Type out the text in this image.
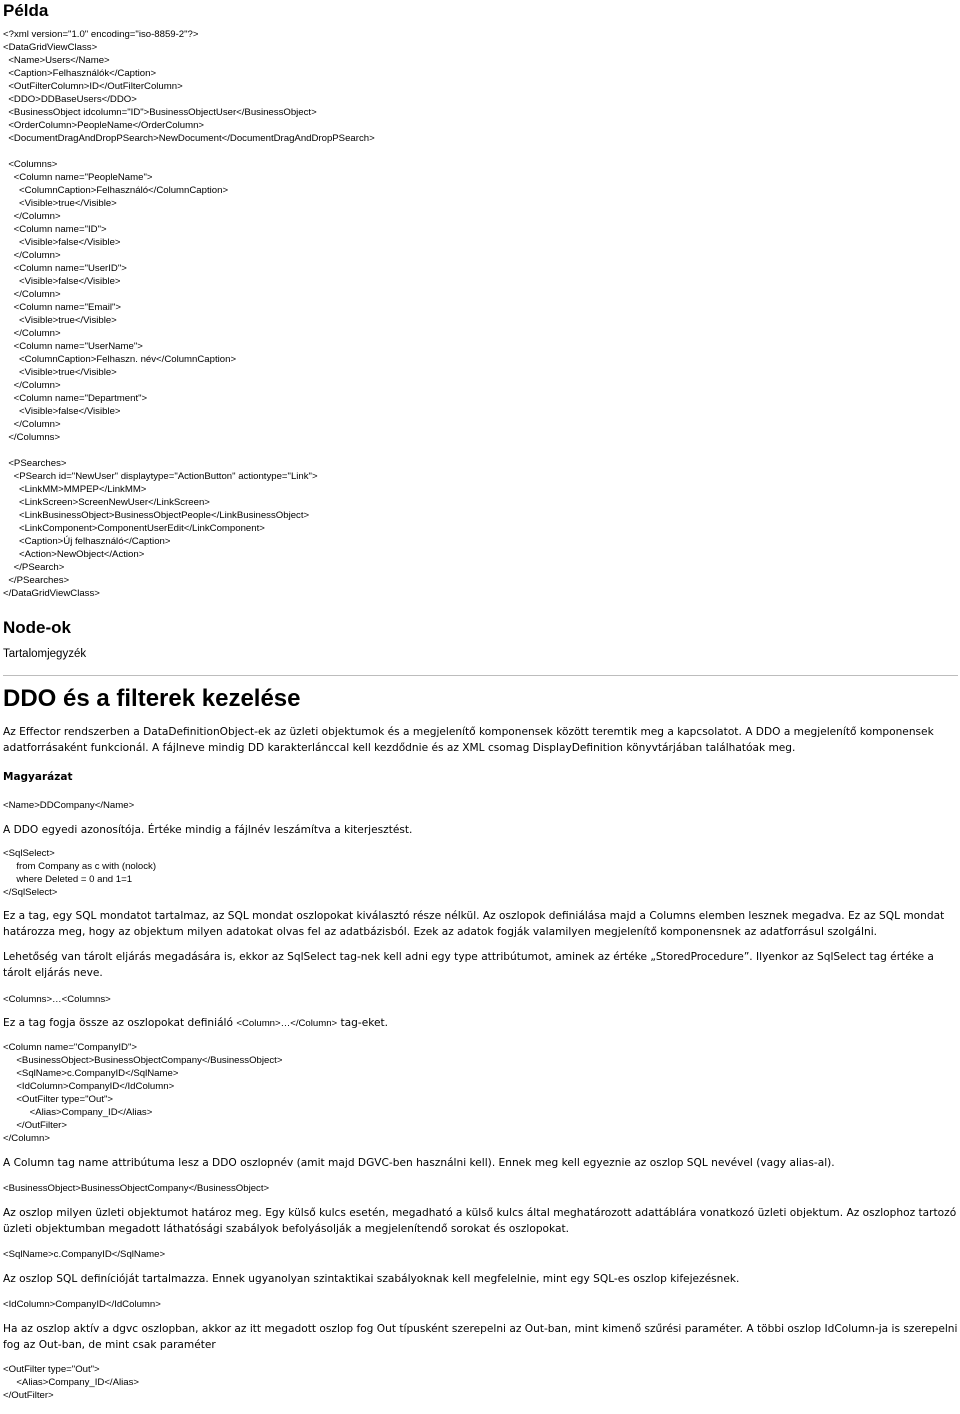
Példa
<?xml version="1.0" encoding="iso-8859-2"?>
<DataGridViewClass>
<Name>Users</Name>
<Caption>Felhasználók</Caption>
<OutFilterColumn>ID</OutFilterColumn>
<DDO>DDBaseUsers</DDO>
<BusinessObject idcolumn="ID">BusinessObjectUser</BusinessObject>
<OrderColumn>PeopleName</OrderColumn>
<DocumentDragAndDropPSearch>NewDocument</DocumentDragAndDropPSearch>

<Columns>
<Column name="PeopleName">
<ColumnCaption>Felhasználó</ColumnCaption>
<Visible>true</Visible>
</Column>
<Column name="ID">
<Visible>false</Visible>
</Column>
<Column name="UserID">
<Visible>false</Visible>
</Column>
<Column name="Email">
<Visible>true</Visible>
</Column>
<Column name="UserName">
<ColumnCaption>Felhaszn. név</ColumnCaption>
<Visible>true</Visible>
</Column>
<Column name="Department">
<Visible>false</Visible>
</Column>
</Columns>

<PSearches>
<PSearch id="NewUser" displaytype="ActionButton" actiontype="Link">
<LinkMM>MMPEP</LinkMM>
<LinkScreen>ScreenNewUser</LinkScreen>
<LinkBusinessObject>BusinessObjectPeople</LinkBusinessObject>
<LinkComponent>ComponentUserEdit</LinkComponent>
<Caption>Új felhasználó</Caption>
<Action>NewObject</Action>
</PSearch>
</PSearches>
</DataGridViewClass>
Node-ok
Tartalomjegyzék
DDO és a filterek kezelése

Az Effector rendszerben a DataDefinitionObject-ek az üzleti objektumok és a megjelenítő komponensek között teremtik meg a kapcsolatot. A DDO a megjelenítő komponensek adatforrásaként funkcionál. A fájlneve mindig DD karakterlánccal kell kezdődnie és az XML csomag DisplayDefinition könyvtárjában találhatóak meg.

Magyarázat

<Name>DDCompany</Name>

A DDO egyedi azonosítója. Értéke mindig a fájlnév leszámítva a kiterjesztést.

<SqlSelect>
from Company as c with (nolock)
where Deleted = 0 and 1=1
</SqlSelect>

Ez a tag, egy SQL mondatot tartalmaz, az SQL mondat oszlopokat kiválasztó része nélkül. Az oszlopok definiálása majd a Columns elemben lesznek megadva. Ez az SQL mondat határozza meg, hogy az objektum milyen adatokat olvas fel az adatbázisból. Ezek az adatok fogják valamilyen megjelenítő komponensnek az adatforrásul szolgálni.

Lehetőség van tárolt eljárás megadására is, ekkor az SqlSelect tag-nek kell adni egy type attribútumot, aminek az értéke „StoredProcedure”. Ilyenkor az SqlSelect tag értéke a tárolt eljárás neve.

<Columns>…<Columns>

Ez a tag fogja össze az oszlopokat definiáló <Column>…</Column> tag-eket.

<Column name="CompanyID">
<BusinessObject>BusinessObjectCompany</BusinessObject>
<SqlName>c.CompanyID</SqlName>
<IdColumn>CompanyID</IdColumn>
<OutFilter type="Out">
<Alias>Company_ID</Alias>
</OutFilter>
</Column>

A Column tag name attribútuma lesz a DDO oszlopnév (amit majd DGVC-ben használni kell). Ennek meg kell egyeznie az oszlop SQL nevével (vagy alias-al).

<BusinessObject>BusinessObjectCompany</BusinessObject>

Az oszlop milyen üzleti objektumot határoz meg. Egy külső kulcs esetén, megadható a külső kulcs által meghatározott adattáblára vonatkozó üzleti objektum. Az oszlophoz tartozó üzleti objektumban megadott láthatósági szabályok befolyásolják a megjelenítendő sorokat és oszlopokat.

<SqlName>c.CompanyID</SqlName>

Az oszlop SQL definícióját tartalmazza. Ennek ugyanolyan szintaktikai szabályoknak kell megfelelnie, mint egy SQL-es oszlop kifejezésnek.

<IdColumn>CompanyID</IdColumn>

Ha az oszlop aktív a dgvc oszlopban, akkor az itt megadott oszlop fog Out típusként szerepelni az Out-ban, mint kimenő szűrési paraméter. A többi oszlop IdColumn-ja is szerepelni fog az Out-ban, de mint csak paraméter

<OutFilter type="Out">
<Alias>Company_ID</Alias>
</OutFilter>
